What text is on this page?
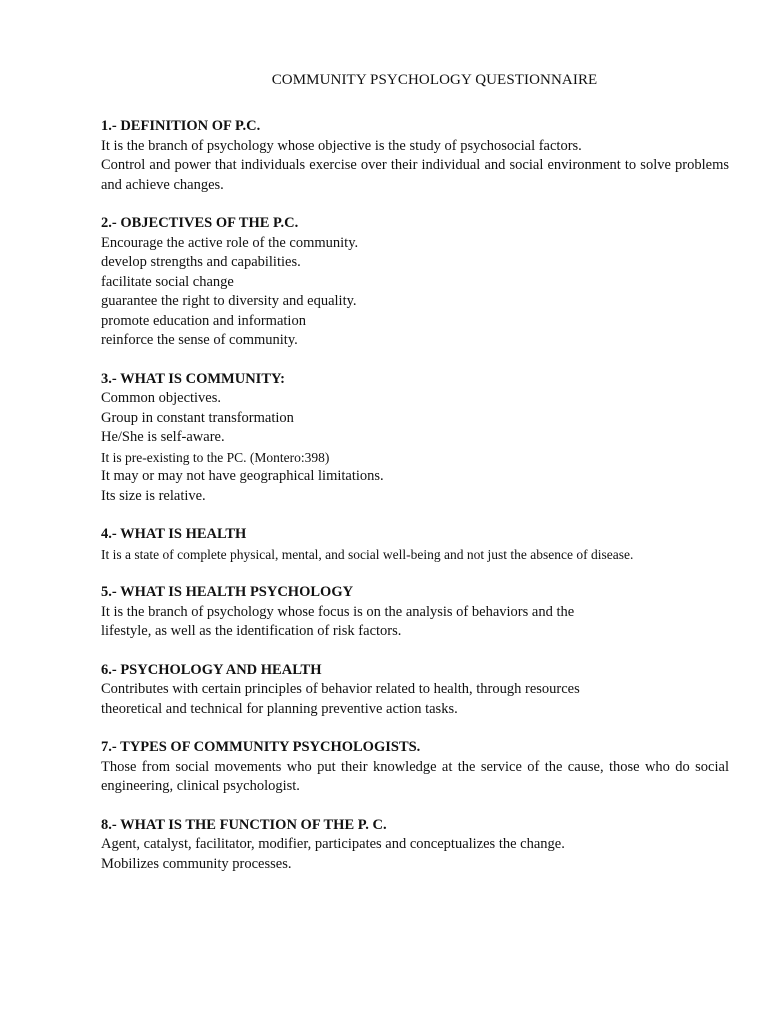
COMMUNITY PSYCHOLOGY QUESTIONNAIRE
1.- DEFINITION OF P.C.
It is the branch of psychology whose objective is the study of psychosocial factors.
Control and power that individuals exercise over their individual and social environment to solve problems and achieve changes.
2.- OBJECTIVES OF THE P.C.
Encourage the active role of the community.
develop strengths and capabilities.
facilitate social change
guarantee the right to diversity and equality.
promote education and information
reinforce the sense of community.
3.- WHAT IS COMMUNITY:
Common objectives.
Group in constant transformation
He/She is self-aware.
It is pre-existing to the PC. (Montero:398)
It may or may not have geographical limitations.
Its size is relative.
4.- WHAT IS HEALTH
It is a state of complete physical, mental, and social well-being and not just the absence of disease.
5.- WHAT IS HEALTH PSYCHOLOGY
It is the branch of psychology whose focus is on the analysis of behaviors and the
lifestyle, as well as the identification of risk factors.
6.- PSYCHOLOGY AND HEALTH
Contributes with certain principles of behavior related to health, through resources
theoretical and technical for planning preventive action tasks.
7.- TYPES OF COMMUNITY PSYCHOLOGISTS.
Those from social movements who put their knowledge at the service of the cause, those who do social engineering, clinical psychologist.
8.- WHAT IS THE FUNCTION OF THE P. C.
Agent, catalyst, facilitator, modifier, participates and conceptualizes the change.
Mobilizes community processes.
